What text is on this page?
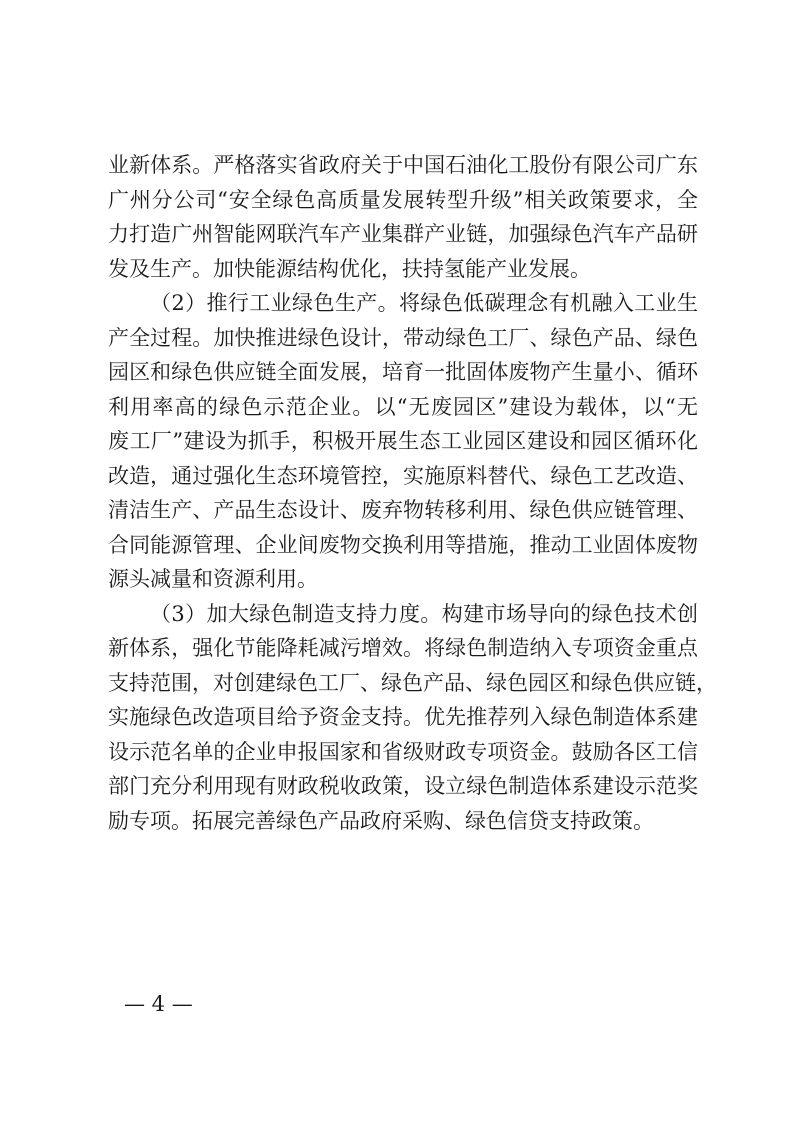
业新体系。严格落实省政府关于中国石油化工股份有限公司广东
广州分公司“安全绿色高质量发展转型升级”相关政策要求，全
力打造广州智能网联汽车产业集群产业链，加强绿色汽车产品研
发及生产。加快能源结构优化，扶持氢能产业发展。
（2）推行工业绿色生产。将绿色低碳理念有机融入工业生
产全过程。加快推进绿色设计，带动绿色工厂、绿色产品、绿色
园区和绿色供应链全面发展，培育一批固体废物产生量小、循环
利用率高的绿色示范企业。以“无废园区”建设为载体，以“无
废工厂”建设为抓手，积极开展生态工业园区建设和园区循环化
改造，通过强化生态环境管控，实施原料替代、绿色工艺改造、
清洁生产、产品生态设计、废弃物转移利用、绿色供应链管理、
合同能源管理、企业间废物交换利用等措施，推动工业固体废物
源头减量和资源利用。
（3）加大绿色制造支持力度。构建市场导向的绿色技术创
新体系，强化节能降耗减污增效。将绿色制造纳入专项资金重点
支持范围，对创建绿色工厂、绿色产品、绿色园区和绿色供应链，
实施绿色改造项目给予资金支持。优先推荐列入绿色制造体系建
设示范名单的企业申报国家和省级财政专项资金。鼓励各区工信
部门充分利用现有财政税收政策，设立绿色制造体系建设示范奖
励专项。拓展完善绿色产品政府采购、绿色信贷支持政策。
— 4 —
